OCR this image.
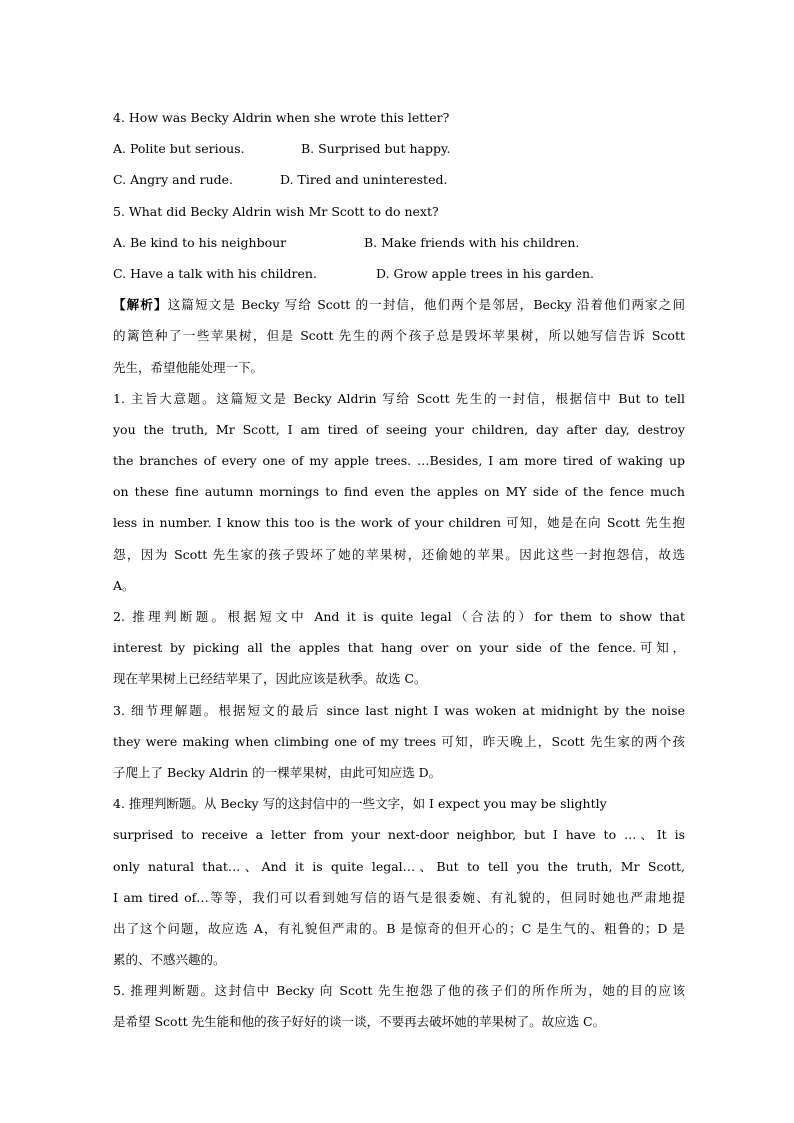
4. How was Becky Aldrin when she wrote this letter?
A. Polite but serious.	B. Surprised but happy.
C. Angry and rude.	D. Tired and uninterested.
5. What did Becky Aldrin wish Mr Scott to do next?
A. Be kind to his neighbour	B. Make friends with his children.
C. Have a talk with his children.	D. Grow apple trees in his garden.
【解析】这篇短文是 Becky 写给 Scott 的一封信，他们两个是邻居，Becky 沿着他们两家之间
的篱笆种了一些苹果树，但是 Scott 先生的两个孩子总是毁坏苹果树，所以她写信告诉 Scott
先生，希望他能处理一下。
1. 主旨大意题。这篇短文是 Becky Aldrin 写给 Scott 先生的一封信，根据信中 But to tell
you the truth, Mr Scott, I am tired of seeing your children, day after day, destroy
the branches of every one of my apple trees. …Besides, I am more tired of waking up
on these fine autumn mornings to find even the apples on MY side of the fence much
less in number. I know this too is the work of your children 可知，她是在向 Scott 先生抱
怨，因为 Scott 先生家的孩子毁坏了她的苹果树，还偷她的苹果。因此这些一封抱怨信，故选
A。
2. 推理判断题。根据短文中 And it is quite legal（合法的）for them to show that
interest by picking all the apples that hang over on your side of the fence.可知，
现在苹果树上已经结苹果了，因此应该是秋季。故选 C。
3. 细节理解题。根据短文的最后 since last night I was woken at midnight by the noise
they were making when climbing one of my trees 可知，昨天晚上，Scott 先生家的两个孩
子爬上了 Becky Aldrin 的一棵苹果树，由此可知应选 D。
4. 推理判断题。从 Becky 写的这封信中的一些文字，如 I expect you may be slightly
surprised to receive a letter from your next-door neighbor, but I have to …、It is
only natural that…、And it is quite legal…、But to tell you the truth, Mr Scott,
I am tired of…等等，我们可以看到她写信的语气是很委婉、有礼貌的，但同时她也严肃地提
出了这个问题，故应选 A，有礼貌但严肃的。B 是惊奇的但开心的；C 是生气的、粗鲁的；D 是
累的、不感兴趣的。
5. 推理判断题。这封信中 Becky 向 Scott 先生抱怨了他的孩子们的所作所为，她的目的应该
是希望 Scott 先生能和他的孩子好好的谈一谈，不要再去破坏她的苹果树了。故应选 C。
